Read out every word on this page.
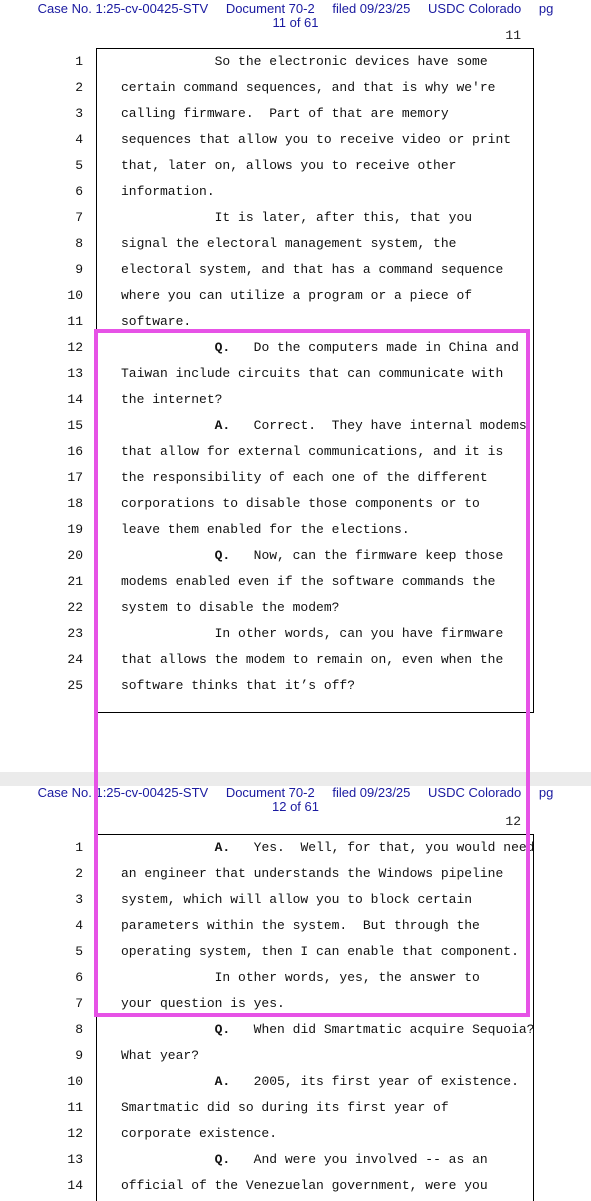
Case No. 1:25-cv-00425-STV Document 70-2 filed 09/23/25 USDC Colorado pg
11 of 61
11
1	So the electronic devices have some
2	certain command sequences, and that is why we're
3	calling firmware.  Part of that are memory
4	sequences that allow you to receive video or print
5	that, later on, allows you to receive other
6	information.
7	It is later, after this, that you
8	signal the electoral management system, the
9	electoral system, and that has a command sequence
10	where you can utilize a program or a piece of
11	software.
12	Q.   Do the computers made in China and
13	Taiwan include circuits that can communicate with
14	the internet?
15	A.   Correct.  They have internal modems
16	that allow for external communications, and it is
17	the responsibility of each one of the different
18	corporations to disable those components or to
19	leave them enabled for the elections.
20	Q.   Now, can the firmware keep those
21	modems enabled even if the software commands the
22	system to disable the modem?
23	In other words, can you have firmware
24	that allows the modem to remain on, even when the
25	software thinks that it’s off?
Case No. 1:25-cv-00425-STV Document 70-2 filed 09/23/25 USDC Colorado pg
12 of 61
12
1	A.   Yes.  Well, for that, you would need
2	an engineer that understands the Windows pipeline
3	system, which will allow you to block certain
4	parameters within the system.  But through the
5	operating system, then I can enable that component.
6	In other words, yes, the answer to
7	your question is yes.
8	Q.   When did Smartmatic acquire Sequoia?
9	What year?
10	A.   2005, its first year of existence.
11	Smartmatic did so during its first year of
12	corporate existence.
13	Q.   And were you involved -- as an
14	official of the Venezuelan government, were you
